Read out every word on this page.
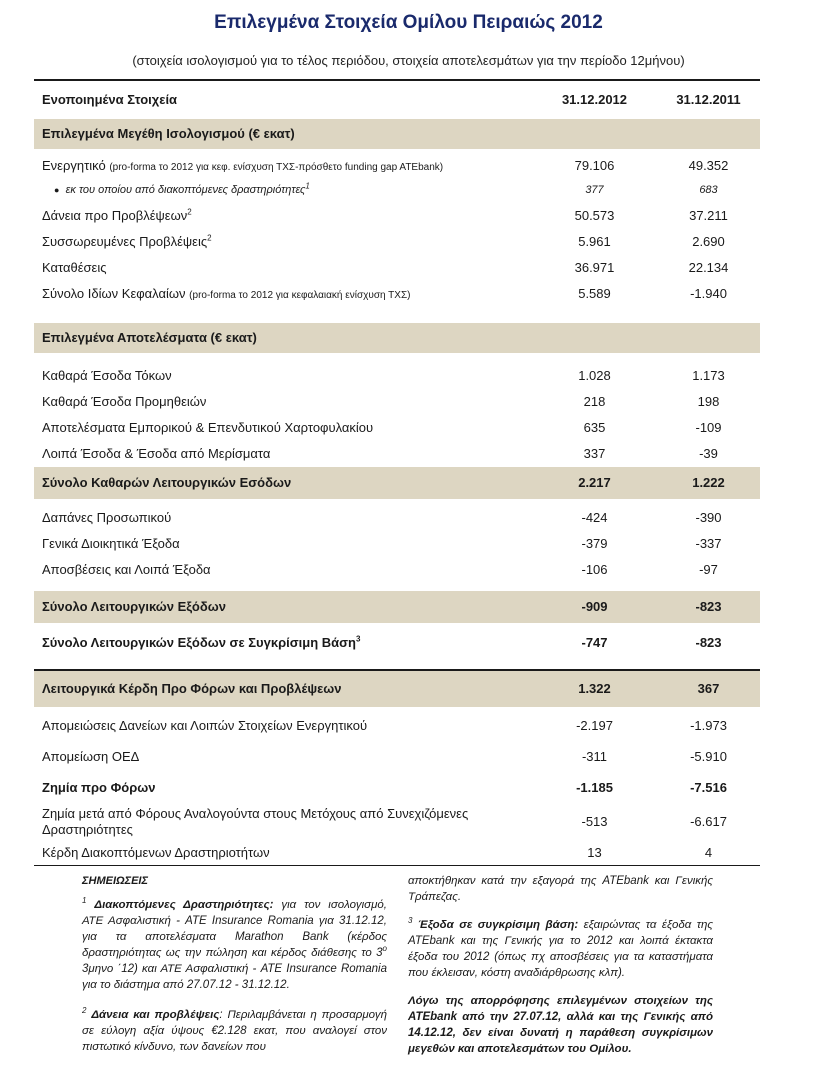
Επιλεγμένα Στοιχεία Ομίλου Πειραιώς 2012
(στοιχεία ισολογισμού για το τέλος περιόδου, στοιχεία αποτελεσμάτων για την περίοδο 12μήνου)
Ενοποιημένα Στοιχεία	31.12.2012	31.12.2011
Επιλεγμένα Μεγέθη Ισολογισμού (€ εκατ)
Ενεργητικό (pro-forma το 2012 για κεφ. ενίσχυση ΤΧΣ-πρόσθετο funding gap ATEbank)	79.106	49.352
● εκ του οποίου από διακοπτόμενες δραστηριότητες$^1$	377	683
Δάνεια προ Προβλέψεων$^2$	50.573	37.211
Συσσωρευμένες Προβλέψεις$^2$	5.961	2.690
Καταθέσεις	36.971	22.134
Σύνολο Ιδίων Κεφαλαίων (pro-forma το 2012 για κεφαλαιακή ενίσχυση ΤΧΣ)	5.589	-1.940
Επιλεγμένα Αποτελέσματα (€ εκατ)
Καθαρά Έσοδα Τόκων	1.028	1.173
Καθαρά Έσοδα Προμηθειών	218	198
Αποτελέσματα Εμπορικού & Επενδυτικού Χαρτοφυλακίου	635	-109
Λοιπά Έσοδα & Έσοδα από Μερίσματα	337	-39
Σύνολο Καθαρών Λειτουργικών Εσόδων	2.217	1.222
Δαπάνες Προσωπικού	-424	-390
Γενικά Διοικητικά Έξοδα	-379	-337
Αποσβέσεις και Λοιπά Έξοδα	-106	-97
Σύνολο Λειτουργικών Εξόδων	-909	-823
Σύνολο Λειτουργικών Εξόδων σε Συγκρίσιμη Βάση$^3$	-747	-823
Λειτουργικά Κέρδη Προ Φόρων και Προβλέψεων	1.322	367
Απομειώσεις Δανείων και Λοιπών Στοιχείων Ενεργητικού	-2.197	-1.973
Απομείωση ΟΕΔ	-311	-5.910
Ζημία προ Φόρων	-1.185	-7.516
Ζημία μετά από Φόρους Αναλογούντα στους Μετόχους από Συνεχιζόμενες Δραστηριότητες
-513	-6.617
Κέρδη Διακοπτόμενων Δραστηριοτήτων	13	4

ΣΗΜΕΙΩΣΕΙΣ

$^1$ Διακοπτόμενες Δραστηριότητες: για τον ισολογισμό, ΑΤΕ Ασφαλιστική - ATE Insurance Romania για 31.12.12, για τα αποτελέσματα Marathon Bank (κέρδος δραστηριότητας ως την πώληση και κέρδος διάθεσης το $3^o$ 3μηνο ΄12) και ΑΤΕ Ασφαλιστική - ATE Insurance Romania για το διάστημα από 27.07.12 - 31.12.12.

$^2$ Δάνεια και προβλέψεις: Περιλαμβάνεται η προσαρμογή σε εύλογη αξία ύψους €2.128 εκατ, που αναλογεί στον πιστωτικό κίνδυνο, των δανείων που

αποκτήθηκαν κατά την εξαγορά της ATEbank και Γενικής Τράπεζας.

$^3$ Έξοδα σε συγκρίσιμη βάση: εξαιρώντας τα έξοδα της ATEbank και της Γενικής για το 2012 και λοιπά έκτακτα έξοδα του 2012 (όπως πχ αποσβέσεις για τα καταστήματα που έκλεισαν, κόστη αναδιάρθρωσης κλπ).

Λόγω της απορρόφησης επιλεγμένων στοιχείων της ATEbank από την 27.07.12, αλλά και της Γενικής από 14.12.12, δεν είναι δυνατή η παράθεση συγκρίσιμων μεγεθών και αποτελεσμάτων του Ομίλου.
